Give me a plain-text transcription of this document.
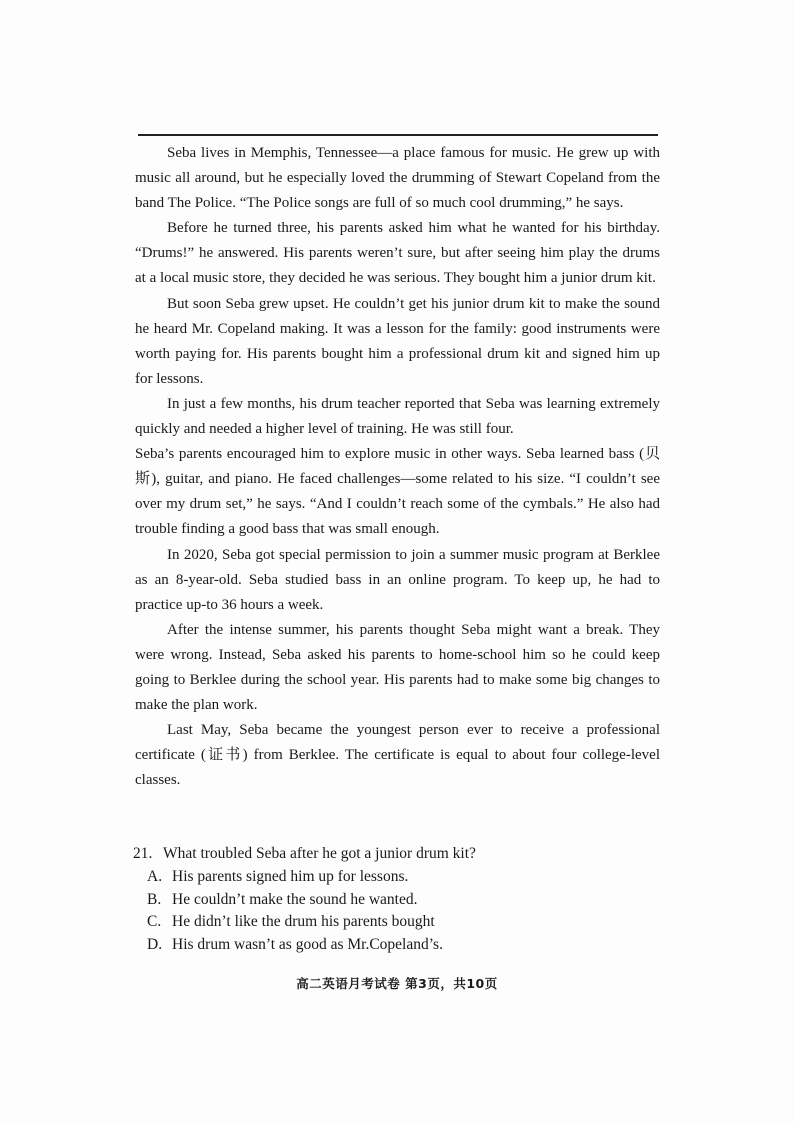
Seba lives in Memphis, Tennessee—a place famous for music. He grew up with music all around, but he especially loved the drumming of Stewart Copeland from the band The Police. “The Police songs are full of so much cool drumming,” he says.

Before he turned three, his parents asked him what he wanted for his birthday. “Drums!” he answered. His parents weren’t sure, but after seeing him play the drums at a local music store, they decided he was serious. They bought him a junior drum kit.

But soon Seba grew upset. He couldn’t get his junior drum kit to make the sound he heard Mr. Copeland making. It was a lesson for the family: good instruments were worth paying for. His parents bought him a professional drum kit and signed him up for lessons.

In just a few months, his drum teacher reported that Seba was learning extremely quickly and needed a higher level of training. He was still four.

Seba’s parents encouraged him to explore music in other ways. Seba learned bass (贝斯), guitar, and piano. He faced challenges—some related to his size. “I couldn’t see over my drum set,” he says. “And I couldn’t reach some of the cymbals.” He also had trouble finding a good bass that was small enough.

In 2020, Seba got special permission to join a summer music program at Berklee as an 8-year-old. Seba studied bass in an online program. To keep up, he had to practice up-to 36 hours a week.

After the intense summer, his parents thought Seba might want a break. They were wrong. Instead, Seba asked his parents to home-school him so he could keep going to Berklee during the school year. His parents had to make some big changes to make the plan work.

Last May, Seba became the youngest person ever to receive a professional certificate (证书) from Berklee. The certificate is equal to about four college-level classes.

21. What troubled Seba after he got a junior drum kit?

A. His parents signed him up for lessons.

B. He couldn’t make the sound he wanted.

C. He didn’t like the drum his parents bought

D. His drum wasn’t as good as Mr.Copeland’s.

高二英语月考试卷 第3页，共10页
